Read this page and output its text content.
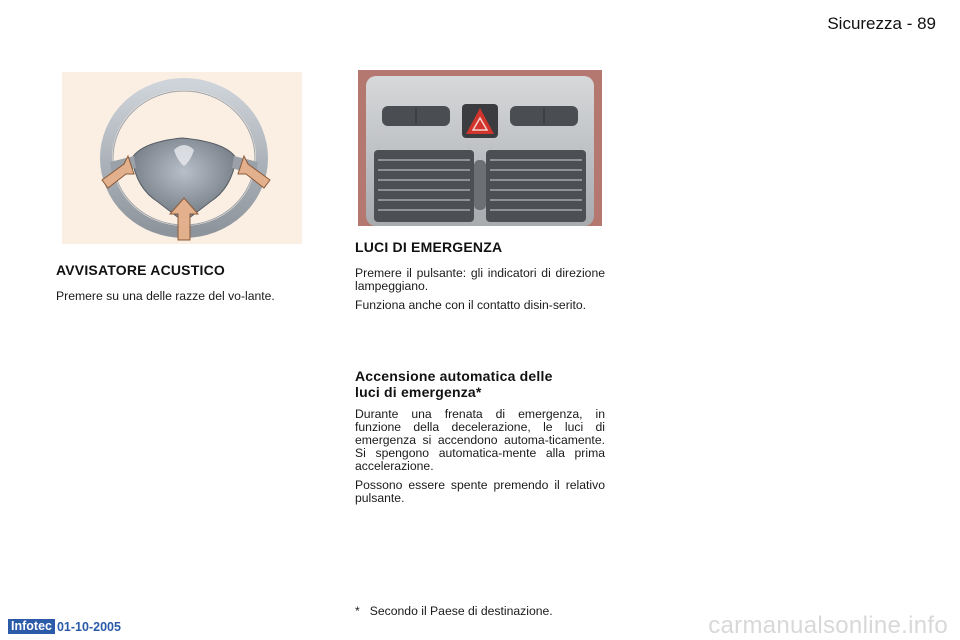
Sicurezza - 89
AVVISATORE ACUSTICO

Premere su una delle razze del vo-lante.

LUCI DI EMERGENZA

Premere il pulsante: gli indicatori di direzione lampeggiano.

Funziona anche con il contatto disin-serito.

Accensione automatica delle
luci di emergenza*

Durante una frenata di emergenza, in funzione della decelerazione, le luci di emergenza si accendono automa-ticamente. Si spengono automatica-mente alla prima accelerazione.

Possono essere spente premendo il relativo pulsante.

* Secondo il Paese di destinazione.
Infotec 01-10-2005	carmanualsonline.info
